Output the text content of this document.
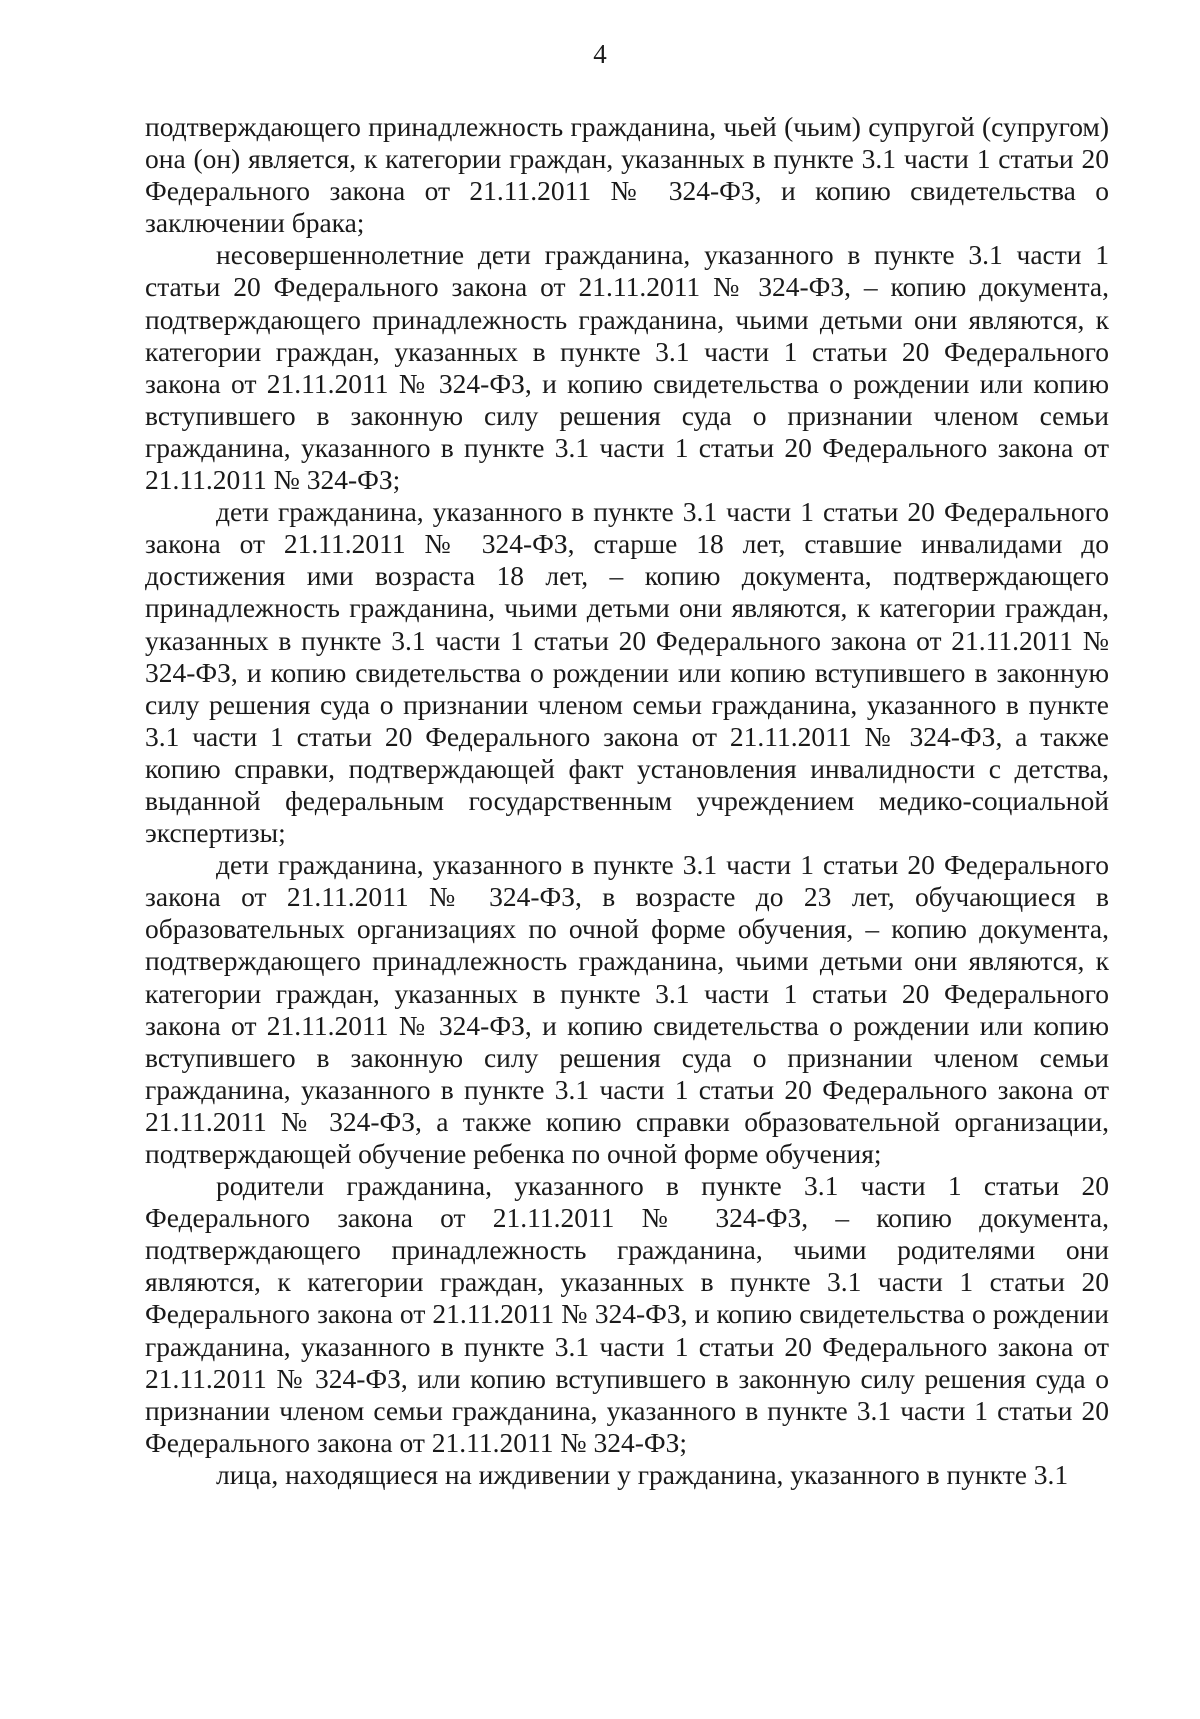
4

подтверждающего принадлежность гражданина, чьей (чьим) супругой (супругом) она (он) является, к категории граждан, указанных в пункте 3.1 части 1 статьи 20 Федерального закона от 21.11.2011 № 324-ФЗ, и копию свидетельства о заключении брака;

несовершеннолетние дети гражданина, указанного в пункте 3.1 части 1 статьи 20 Федерального закона от 21.11.2011 № 324-ФЗ, – копию документа, подтверждающего принадлежность гражданина, чьими детьми они являются, к категории граждан, указанных в пункте 3.1 части 1 статьи 20 Федерального закона от 21.11.2011 № 324-ФЗ, и копию свидетельства о рождении или копию вступившего в законную силу решения суда о признании членом семьи гражданина, указанного в пункте 3.1 части 1 статьи 20 Федерального закона от 21.11.2011 № 324-ФЗ;

дети гражданина, указанного в пункте 3.1 части 1 статьи 20 Федерального закона от 21.11.2011 № 324-ФЗ, старше 18 лет, ставшие инвалидами до достижения ими возраста 18 лет, – копию документа, подтверждающего принадлежность гражданина, чьими детьми они являются, к категории граждан, указанных в пункте 3.1 части 1 статьи 20 Федерального закона от 21.11.2011 № 324-ФЗ, и копию свидетельства о рождении или копию вступившего в законную силу решения суда о признании членом семьи гражданина, указанного в пункте 3.1 части 1 статьи 20 Федерального закона от 21.11.2011 № 324-ФЗ, а также копию справки, подтверждающей факт установления инвалидности с детства, выданной федеральным государственным учреждением медико-социальной экспертизы;

дети гражданина, указанного в пункте 3.1 части 1 статьи 20 Федерального закона от 21.11.2011 № 324-ФЗ, в возрасте до 23 лет, обучающиеся в образовательных организациях по очной форме обучения, – копию документа, подтверждающего принадлежность гражданина, чьими детьми они являются, к категории граждан, указанных в пункте 3.1 части 1 статьи 20 Федерального закона от 21.11.2011 № 324-ФЗ, и копию свидетельства о рождении или копию вступившего в законную силу решения суда о признании членом семьи гражданина, указанного в пункте 3.1 части 1 статьи 20 Федерального закона от 21.11.2011 № 324-ФЗ, а также копию справки образовательной организации, подтверждающей обучение ребенка по очной форме обучения;

родители гражданина, указанного в пункте 3.1 части 1 статьи 20 Федерального закона от 21.11.2011 № 324-ФЗ, – копию документа, подтверждающего принадлежность гражданина, чьими родителями они являются, к категории граждан, указанных в пункте 3.1 части 1 статьи 20 Федерального закона от 21.11.2011 № 324-ФЗ, и копию свидетельства о рождении гражданина, указанного в пункте 3.1 части 1 статьи 20 Федерального закона от 21.11.2011 № 324-ФЗ, или копию вступившего в законную силу решения суда о признании членом семьи гражданина, указанного в пункте 3.1 части 1 статьи 20 Федерального закона от 21.11.2011 № 324-ФЗ;

лица, находящиеся на иждивении у гражданина, указанного в пункте 3.1
